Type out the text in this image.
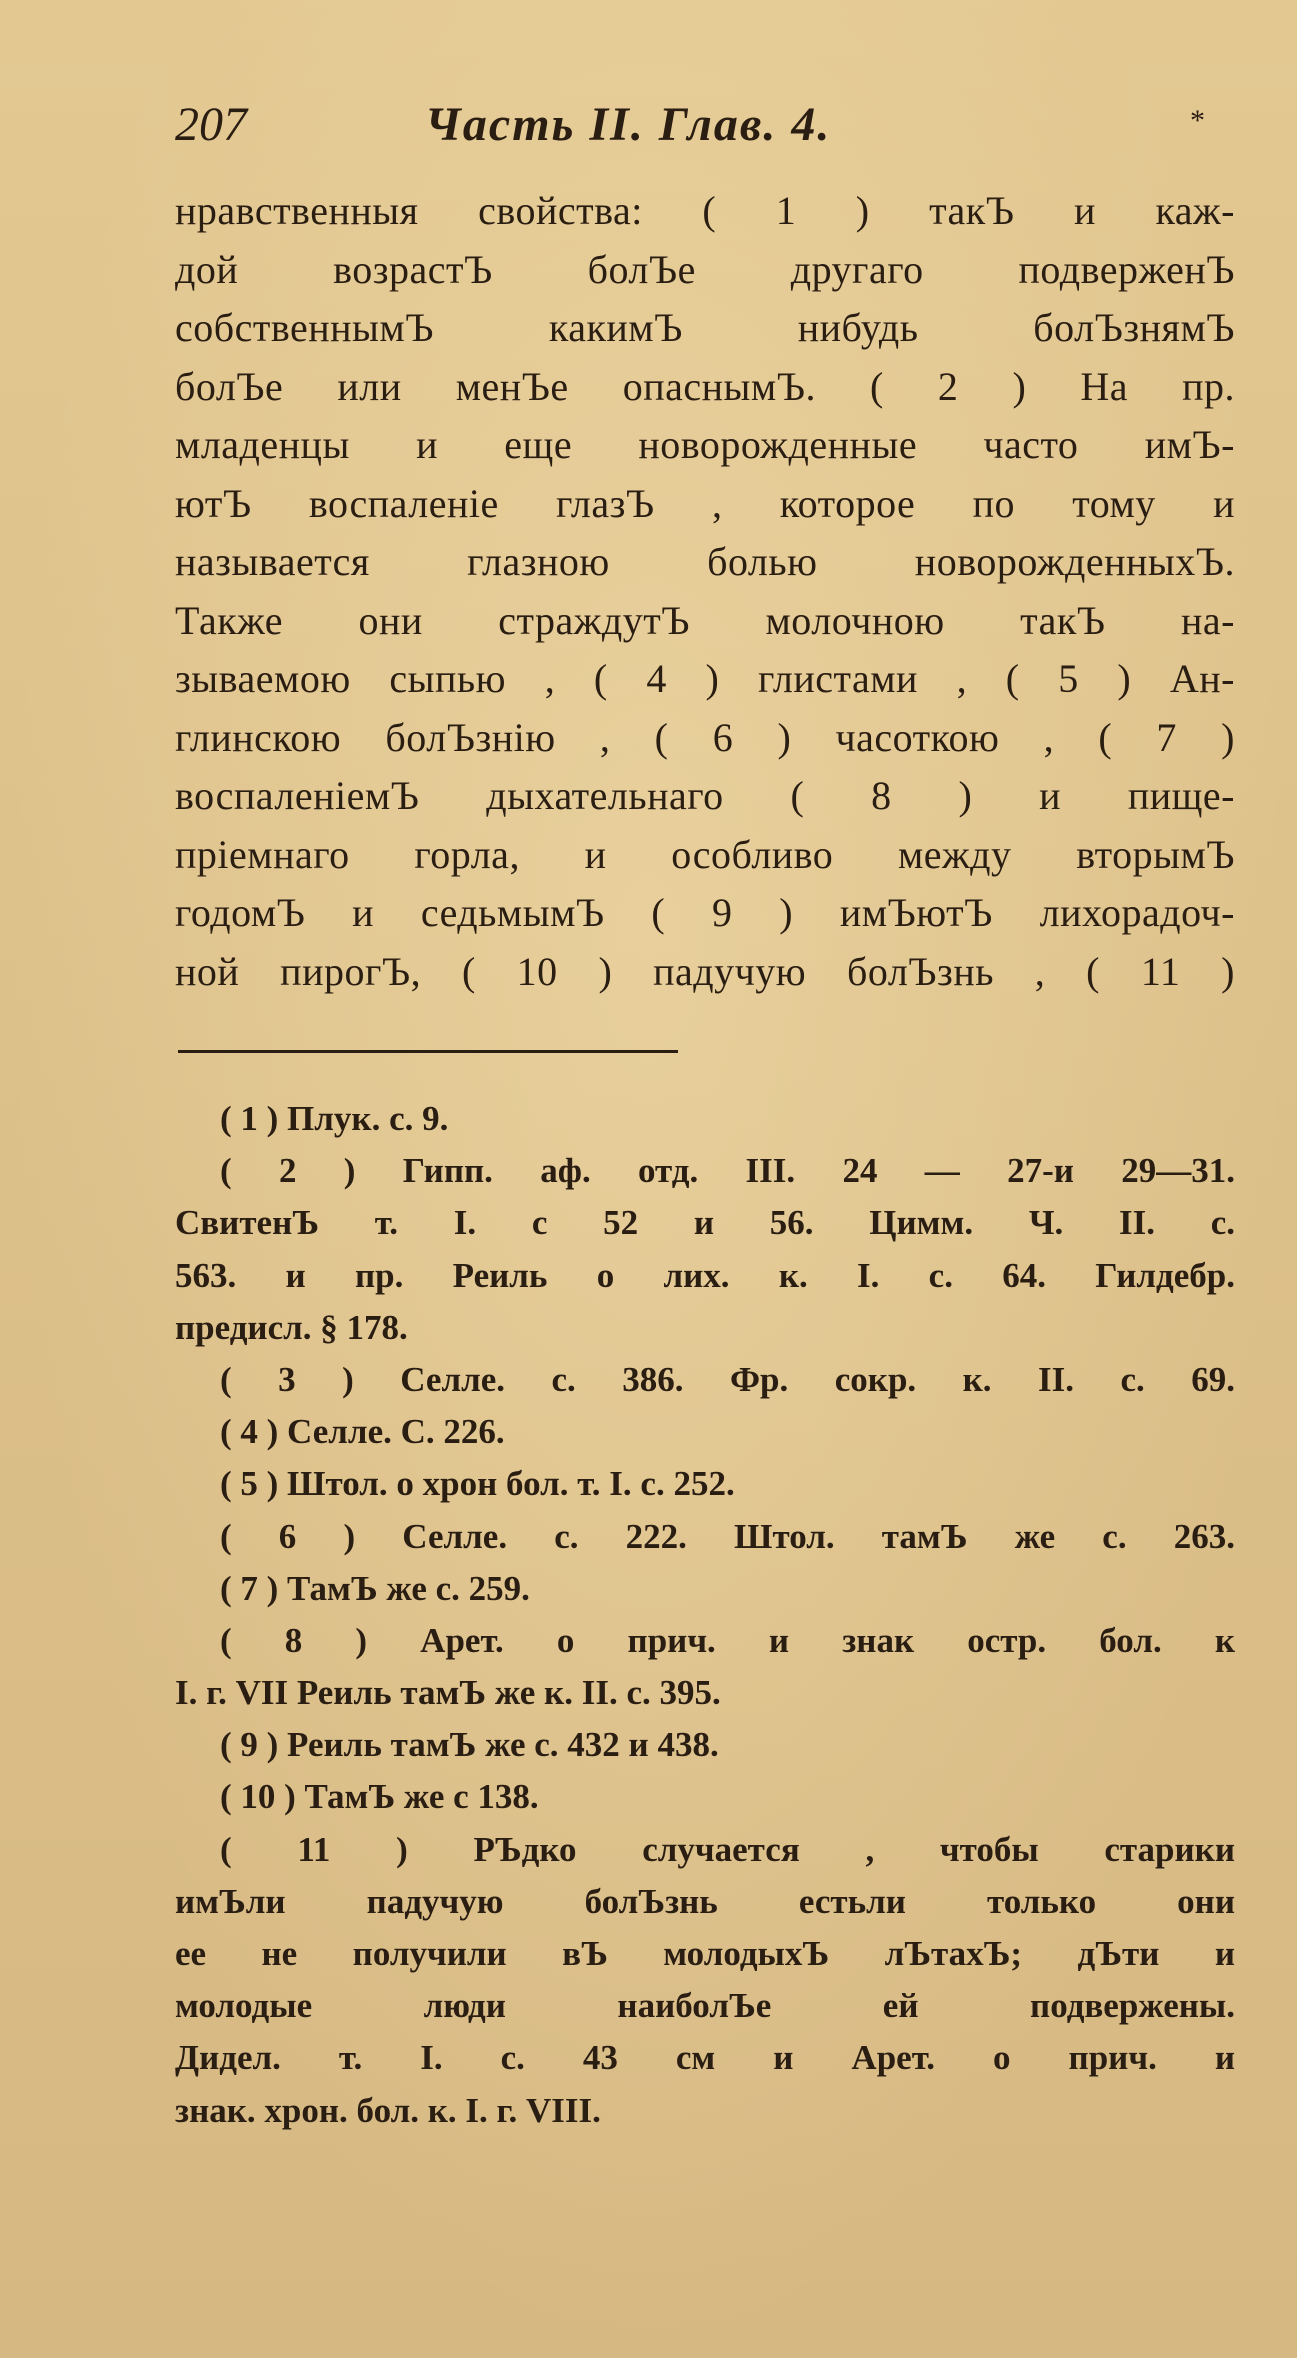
207	Часть II. Глав. 4.	*
нравственныя свойства: ( 1 ) такЪ и каж-
дой возрастЪ болЪе другаго подверженЪ
собственнымЪ какимЪ нибудь болЪзнямЪ
болЪе или менЪе опаснымЪ. ( 2 ) На пр.
младенцы и еще новорожденные часто имЪ-
ютЪ воспаленіе глазЪ , которое по тому и
называется глазною болью новорожденныхЪ.
Также они страждутЪ молочною такЪ на-
зываемою сыпью , ( 4 ) глистами , ( 5 ) Ан-
глинскою болЪзнію , ( 6 ) часоткою , ( 7 )
воспаленіемЪ дыхательнаго ( 8 ) и пище-
пріемнаго горла, и особливо между вторымЪ
годомЪ и седьмымЪ ( 9 ) имЪютЪ лихорадоч-
ной пирогЪ, ( 10 ) падучую болЪзнь , ( 11 )
( 1 ) Плук. с. 9.
( 2 ) Гипп. аф. отд. III. 24 — 27-и 29—31.
СвитенЪ т. I. с 52 и 56. Цимм. Ч. II. с.
563. и пр. Реиль о лих. к. I. с. 64. Гилдебр.
предисл. § 178.
( 3 ) Селле. с. 386. Фр. сокр. к. II. с. 69.
( 4 ) Селле. С. 226.
( 5 ) Штол. о хрон бол. т. I. с. 252.
( 6 ) Селле. с. 222. Штол. тамЪ же с. 263.
( 7 ) ТамЪ же с. 259.
( 8 ) Арет. о прич. и знак остр. бол. к
I. г. VII Реиль тамЪ же к. II. с. 395.
( 9 ) Реиль тамЪ же с. 432 и 438.
( 10 ) ТамЪ же с 138.
( 11 ) РЪдко случается , чтобы старики
имЪли падучую болЪзнь естьли только они
ее не получили вЪ молодыхЪ лЪтахЪ; дЪти и
молодые люди наиболЪе ей подвержены.
Дидел. т. I. с. 43 см и Арет. о прич. и
знак. хрон. бол. к. I. г. VIII.
